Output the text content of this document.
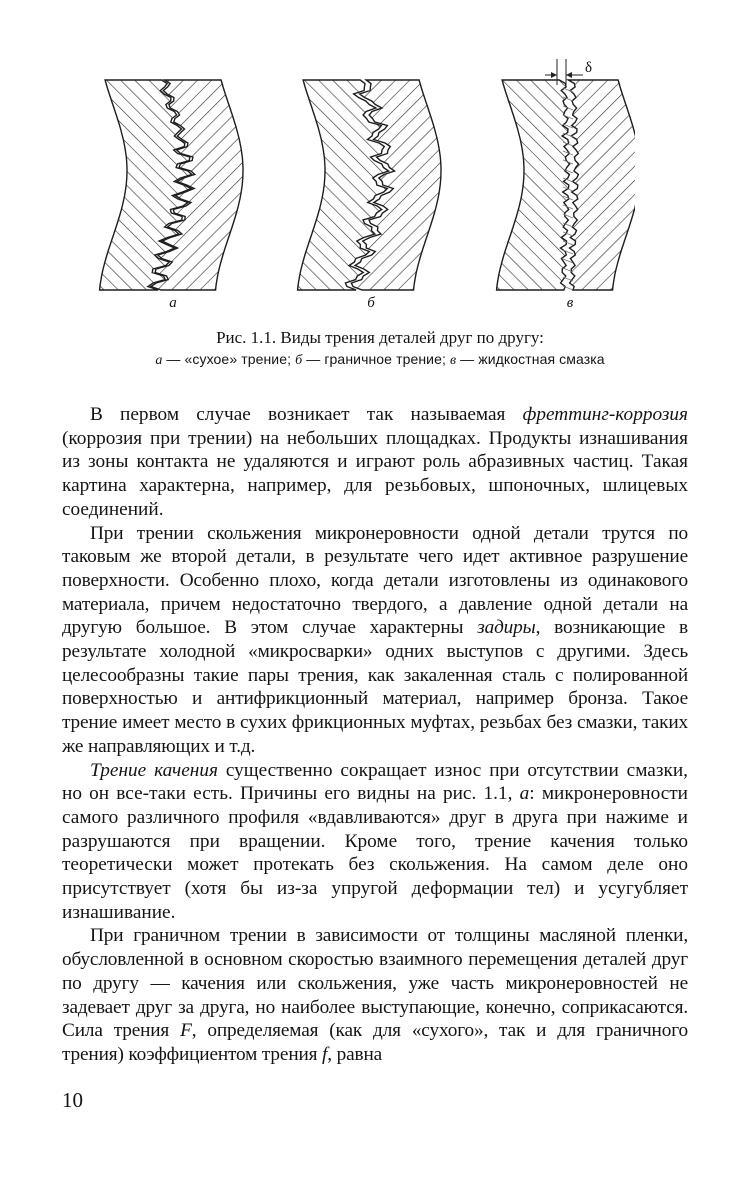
δ
а	б	в
Рис. 1.1. Виды трения деталей друг по другу:
а — «сухое» трение; б — граничное трение; в — жидкостная смазка

В первом случае возникает так называемая фреттинг-коррозия (коррозия при трении) на небольших площадках. Продукты изнашивания из зоны контакта не удаляются и играют роль абразивных частиц. Такая картина характерна, например, для резьбовых, шпоночных, шлицевых соединений.

При трении скольжения микронеровности одной детали трутся по таковым же второй детали, в результате чего идет активное разрушение поверхности. Особенно плохо, когда детали изготовлены из одинакового материала, причем недостаточно твердого, а давление одной детали на другую большое. В этом случае характерны задиры, возникающие в результате холодной «микросварки» одних выступов с другими. Здесь целесообразны такие пары трения, как закаленная сталь с полированной поверхностью и антифрикционный материал, например бронза. Такое трение имеет место в сухих фрикционных муфтах, резьбах без смазки, таких же направляющих и т.д.

Трение качения существенно сокращает износ при отсутствии смазки, но он все-таки есть. Причины его видны на рис. 1.1, а: микронеровности самого различного профиля «вдавливаются» друг в друга при нажиме и разрушаются при вращении. Кроме того, трение качения только теоретически может протекать без скольжения. На самом деле оно присутствует (хотя бы из-за упругой деформации тел) и усугубляет изнашивание.

При граничном трении в зависимости от толщины масляной пленки, обусловленной в основном скоростью взаимного перемещения деталей друг по другу — качения или скольжения, уже часть микронеровностей не задевает друг за друга, но наиболее выступающие, конечно, соприкасаются. Сила трения F, определяемая (как для «сухого», так и для граничного трения) коэффициентом трения f, равна

10
